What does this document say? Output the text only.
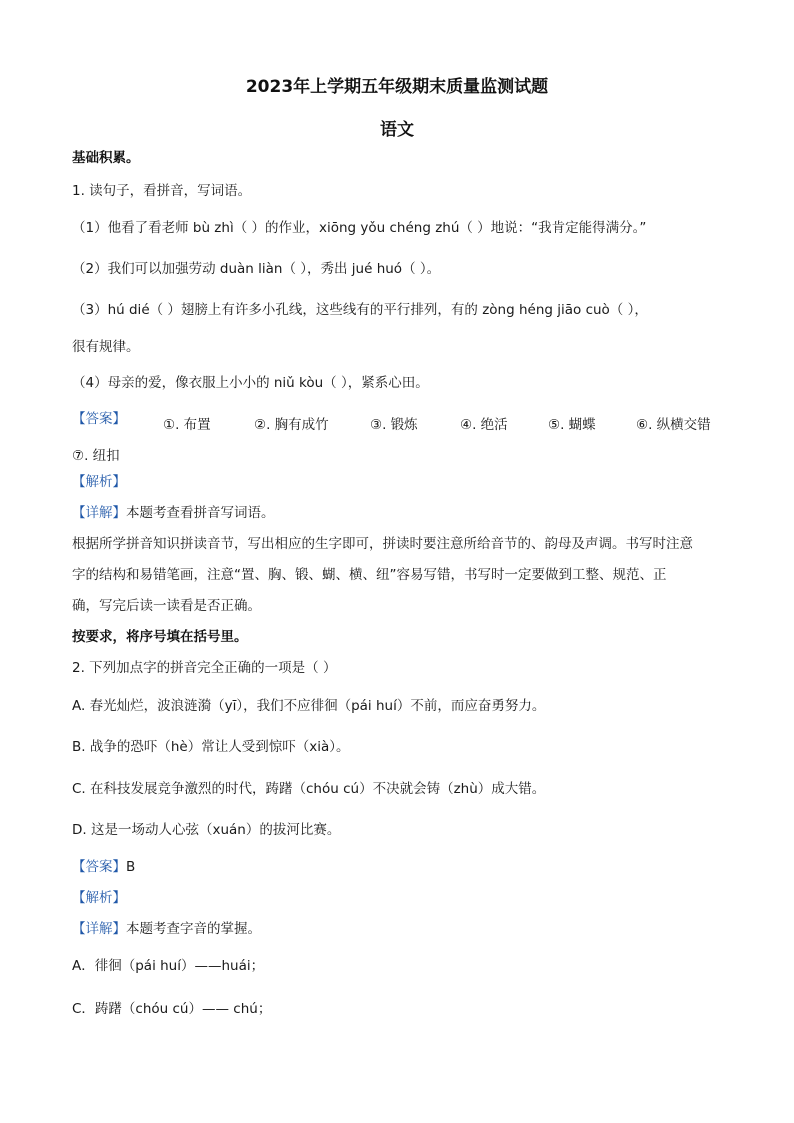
2023年上学期五年级期末质量监测试题
语文
基础积累。
1. 读句子，看拼音，写词语。
（1）他看了看老师 bù zhì（ ）的作业，xiōng yǒu chéng zhú（ ）地说：“我肯定能得满分。”
（2）我们可以加强劳动 duàn liàn（ ），秀出 jué huó（ ）。
（3）hú dié（ ）翅膀上有许多小孔线，这些线有的平行排列，有的 zòng héng jiāo cuò（ ），
很有规律。
（4）母亲的爱，像衣服上小小的 niǔ kòu（ ），紧系心田。
【答案】	①. 布置	②. 胸有成竹	③. 锻炼	④. 绝活	⑤. 蝴蝶	⑥. 纵横交错
⑦. 纽扣
【解析】
【详解】本题考查看拼音写词语。
根据所学拼音知识拼读音节，写出相应的生字即可，拼读时要注意所给音节的、韵母及声调。书写时注意
字的结构和易错笔画，注意“置、胸、锻、蝴、横、纽”容易写错，书写时一定要做到工整、规范、正
确，写完后读一读看是否正确。
按要求，将序号填在括号里。
2. 下列加点字的拼音完全正确的一项是（ ）
A. 春光灿烂，波浪涟漪（yī），我们不应徘徊（pái huí）不前，而应奋勇努力。
B. 战争的恐吓（hè）常让人受到惊吓（xià）。
C. 在科技发展竞争激烈的时代，踌躇（chóu cú）不决就会铸（zhù）成大错。
D. 这是一场动人心弦（xuán）的拔河比赛。
【答案】B
【解析】
【详解】本题考查字音的掌握。
A．徘徊（pái huí）——huái；
C．踌躇（chóu cú）—— chú；
